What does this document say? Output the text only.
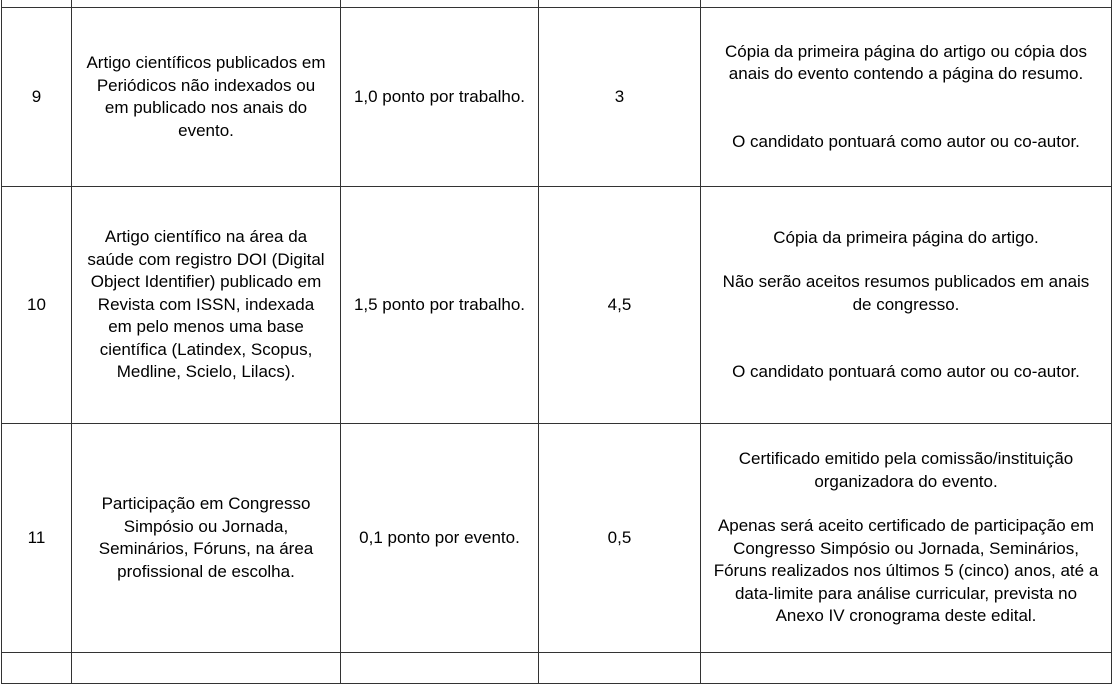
9	Artigo científicos publicados em Periódicos não indexados ou em publicado nos anais do evento.	1,0 ponto por trabalho.	3	Cópia da primeira página do artigo ou cópia dos anais do evento contendo a página do resumo.
O candidato pontuará como autor ou co-autor.

10	Artigo científico na área da saúde com registro DOI (Digital Object Identifier) publicado em Revista com ISSN, indexada em pelo menos uma base científica (Latindex, Scopus, Medline, Scielo, Lilacs).	1,5 ponto por trabalho.	4,5	Cópia da primeira página do artigo.
Não serão aceitos resumos publicados em anais de congresso.
O candidato pontuará como autor ou co-autor.

11	Participação em Congresso Simpósio ou Jornada, Seminários, Fóruns, na área profissional de escolha.	0,1 ponto por evento.	0,5	Certificado emitido pela comissão/instituição organizadora do evento.
Apenas será aceito certificado de participação em Congresso Simpósio ou Jornada, Seminários, Fóruns realizados nos últimos 5 (cinco) anos, até a data-limite para análise curricular, prevista no Anexo IV cronograma deste edital.
